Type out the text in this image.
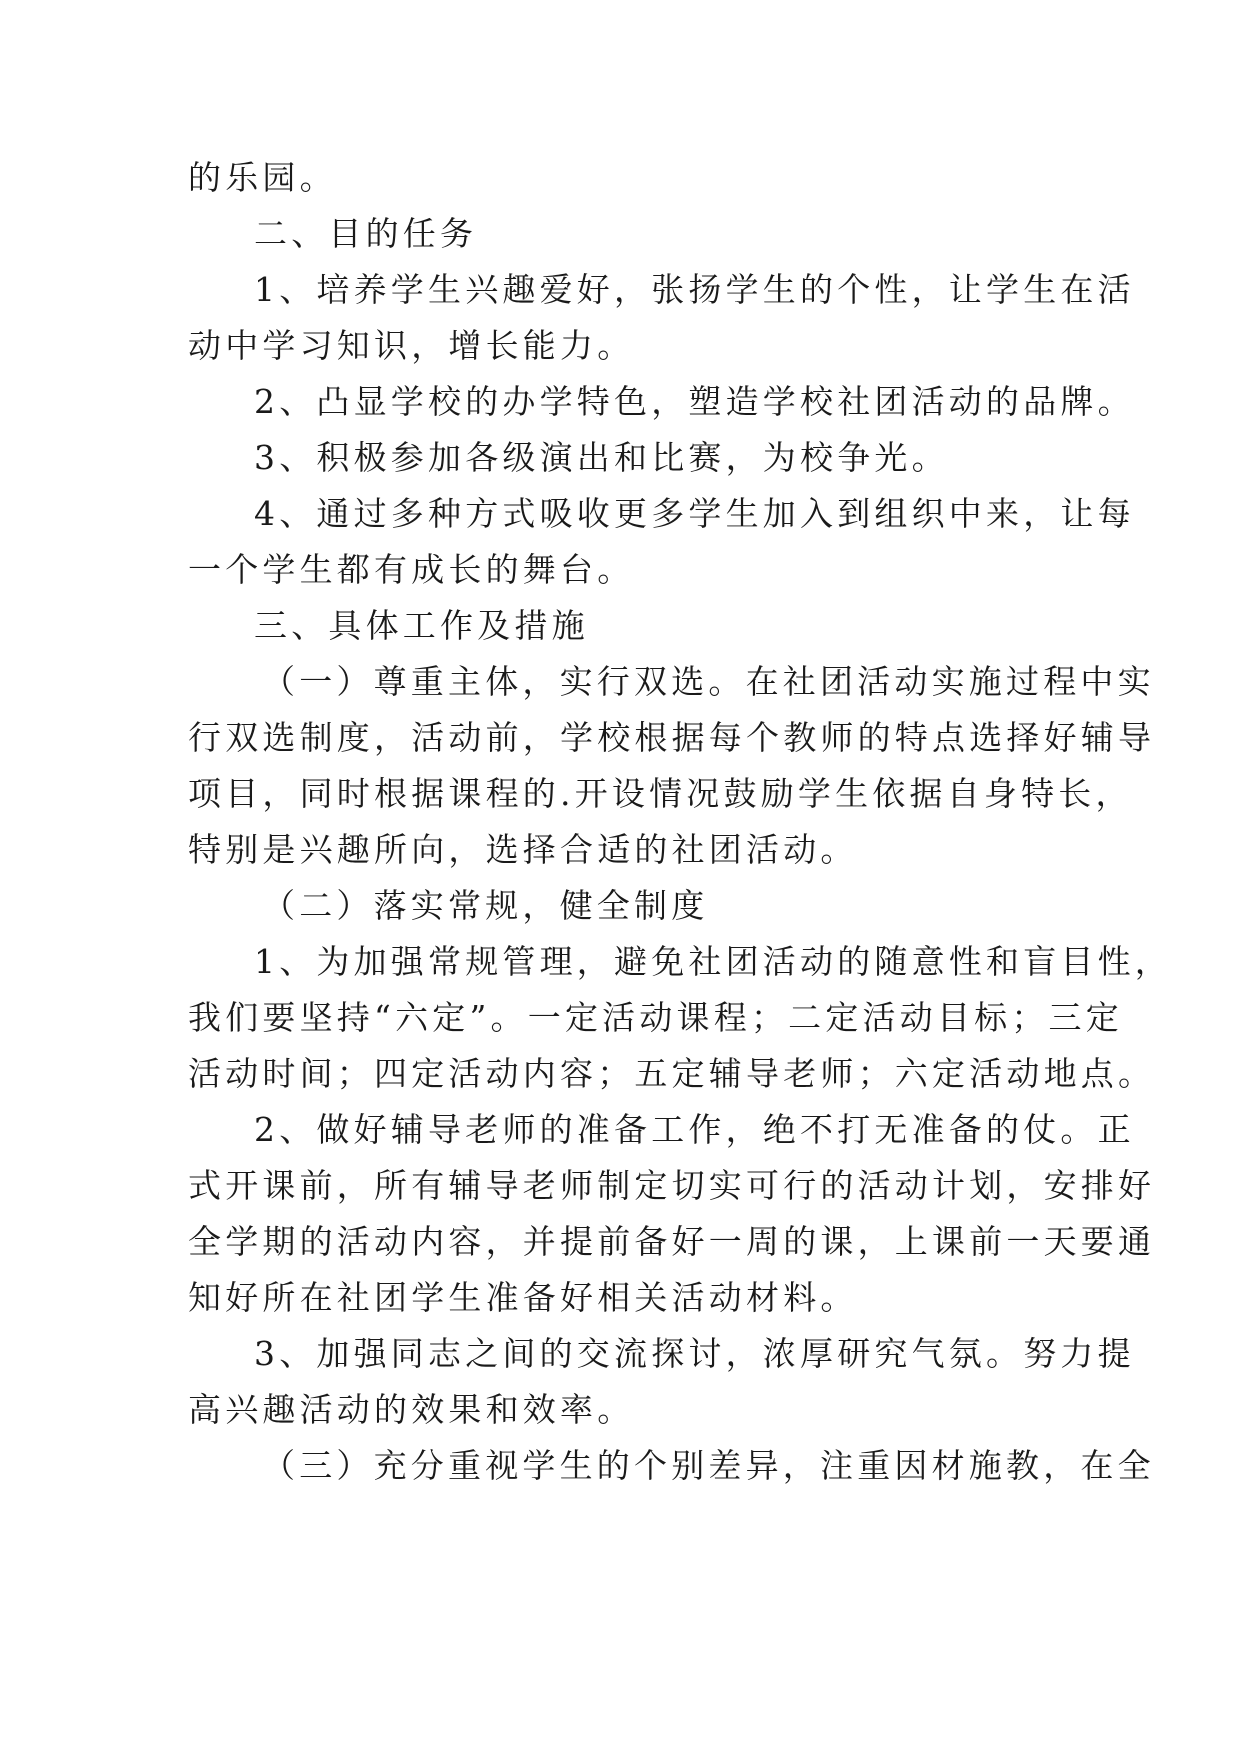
的乐园。
二、目的任务
1、培养学生兴趣爱好，张扬学生的个性，让学生在活
动中学习知识，增长能力。
2、凸显学校的办学特色，塑造学校社团活动的品牌。
3、积极参加各级演出和比赛，为校争光。
4、通过多种方式吸收更多学生加入到组织中来，让每
一个学生都有成长的舞台。
三、具体工作及措施
（一）尊重主体，实行双选。在社团活动实施过程中实
行双选制度，活动前，学校根据每个教师的特点选择好辅导
项目，同时根据课程的.开设情况鼓励学生依据自身特长，
特别是兴趣所向，选择合适的社团活动。
（二）落实常规，健全制度
1、为加强常规管理，避免社团活动的随意性和盲目性，
我们要坚持“六定”。一定活动课程；二定活动目标；三定
活动时间；四定活动内容；五定辅导老师；六定活动地点。
2、做好辅导老师的准备工作，绝不打无准备的仗。正
式开课前，所有辅导老师制定切实可行的活动计划，安排好
全学期的活动内容，并提前备好一周的课，上课前一天要通
知好所在社团学生准备好相关活动材料。
3、加强同志之间的交流探讨，浓厚研究气氛。努力提
高兴趣活动的效果和效率。
（三）充分重视学生的个别差异，注重因材施教，在全
